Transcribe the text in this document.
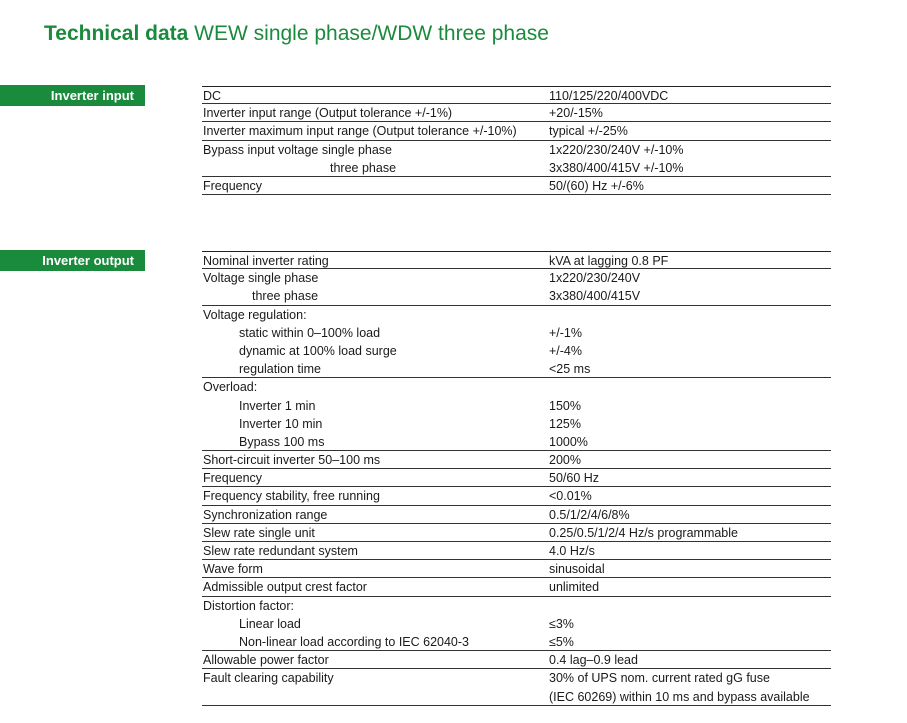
Technical data WEW single phase/WDW three phase
Inverter input	DC	110/125/220/400VDC
Inverter input range (Output tolerance +/-1%)	+20/-15%
Inverter maximum input range (Output tolerance +/-10%)	typical +/-25%
Bypass input voltage single phase	1x220/230/240V +/-10%
three phase	3x380/400/415V +/-10%
Frequency	50/(60) Hz +/-6%
Inverter output	Nominal inverter rating	kVA at lagging 0.8 PF
Voltage single phase	1x220/230/240V
three phase	3x380/400/415V
Voltage regulation:
static within 0–100% load	+/-1%
dynamic at 100% load surge	+/-4%
regulation time	<25 ms
Overload:
Inverter 1 min	150%
Inverter 10 min	125%
Bypass 100 ms	1000%
Short-circuit inverter 50–100 ms	200%
Frequency	50/60 Hz
Frequency stability, free running	<0.01%
Synchronization range	0.5/1/2/4/6/8%
Slew rate single unit	0.25/0.5/1/2/4 Hz/s programmable
Slew rate redundant system	4.0 Hz/s
Wave form	sinusoidal
Admissible output crest factor	unlimited
Distortion factor:
Linear load	≤3%
Non-linear load according to IEC 62040-3	≤5%
Allowable power factor	0.4 lag–0.9 lead
Fault clearing capability	30% of UPS nom. current rated gG fuse
(IEC 60269) within 10 ms and bypass available
